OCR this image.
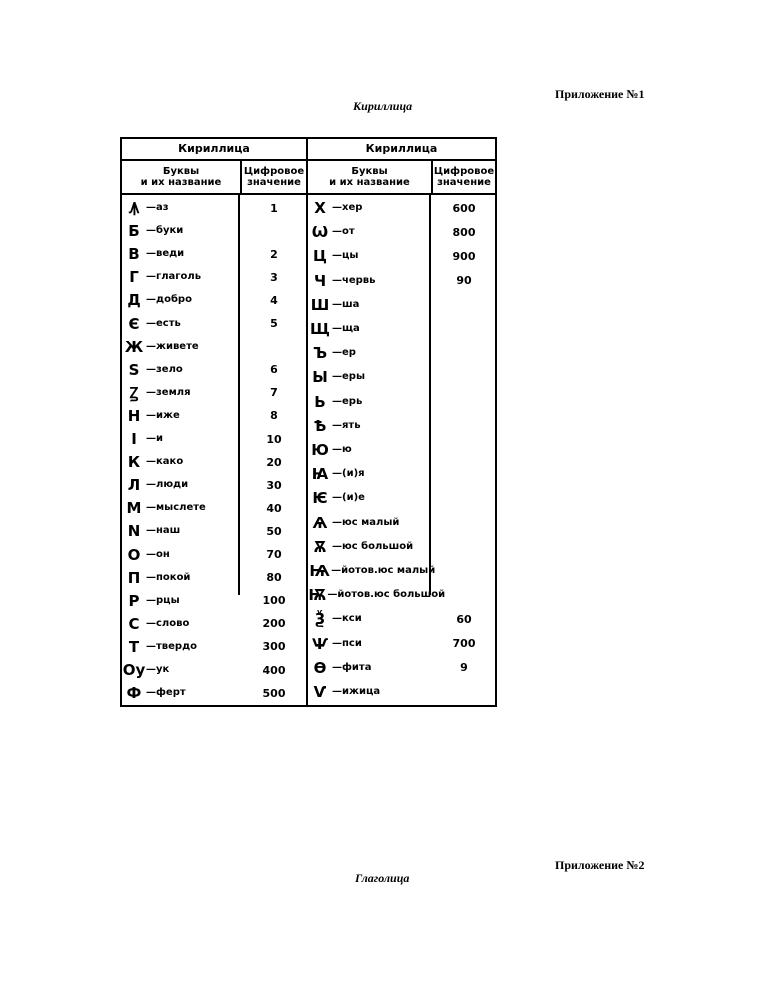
Приложение №1
Кириллица
Кириллица
Буквы
и их название
Цифровое
значение
Ꙟ —аз	1
Б —буки
В —веди	2
Г —глаголь	3
Д —добро	4
Є —есть	5
Ж —живете
S —зело	6
Ꙁ —земля	7
Н —иже	8
І —и	10
К —како	20
Л —люди	30
М —мыслете	40
N —наш	50
О —он	70
П —покой	80
Р —рцы	100
С —слово	200
Т —твердо	300
Оу —ук	400
Ф —ферт	500
Кириллица
Буквы
и их название
Цифровое
значение
Х —хер	600
Ѡ —от	800
Ц —цы	900
Ч —червь	90
Ш —ша
Щ —ща
Ъ —ер
Ы —еры
Ь —ерь
Ѣ —ять
Ю —ю
Ꙗ —(и)я
Ѥ —(и)е
Ѧ —юс малый
Ѫ —юс большой
Ѩ —йотов.юс малый
Ѭ —йотов.юс большой
Ѯ —кси	60
Ѱ —пси	700
Ѳ —фита	9
Ѵ —ижица
Приложение №2
Глаголица
